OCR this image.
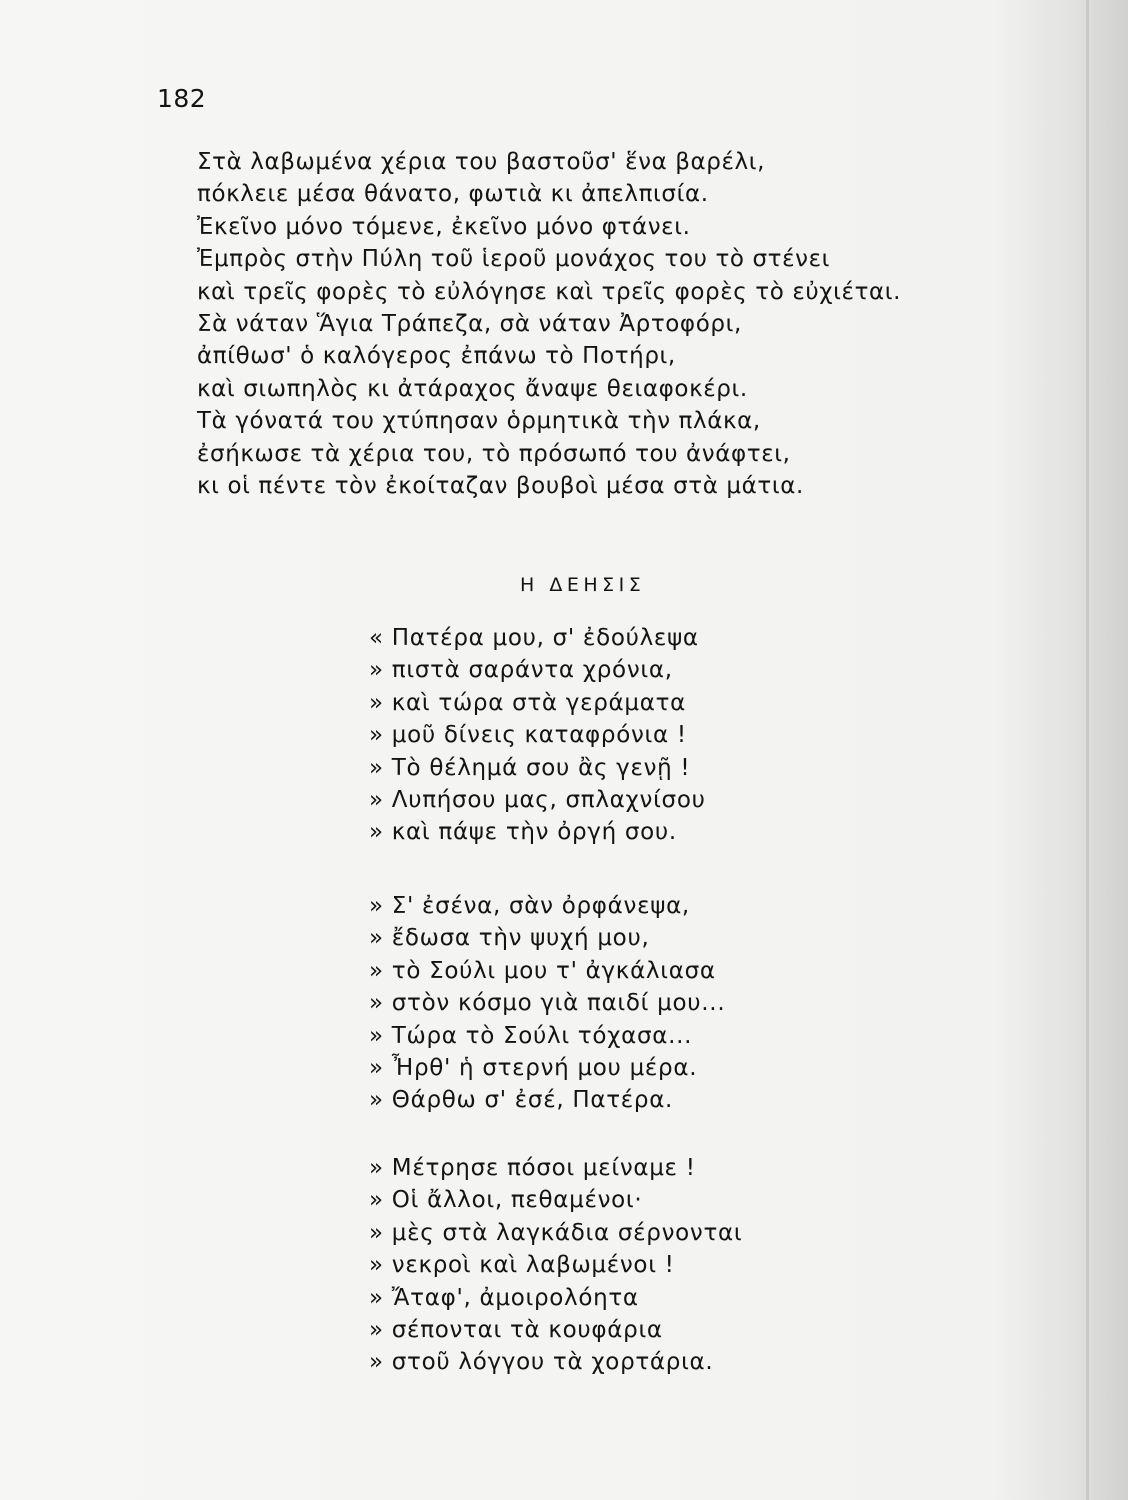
182
Στὰ λαβωμένα χέρια του βαστοῦσ' ἕνα βαρέλι,
πόκλειε μέσα θάνατο, φωτιὰ κι ἀπελπισία.
Ἐκεῖνο μόνο τόμενε, ἐκεῖνο μόνο φτάνει.
Ἐμπρὸς στὴν Πύλη τοῦ ἱεροῦ μονάχος του τὸ στένει
καὶ τρεῖς φορὲς τὸ εὐλόγησε καὶ τρεῖς φορὲς τὸ εὐχιέται.
Σὰ νάταν Ἅγια Τράπεζα, σὰ νάταν Ἀρτοφόρι,
ἀπίθωσ' ὁ καλόγερος ἐπάνω τὸ Ποτήρι,
καὶ σιωπηλὸς κι ἀτάραχος ἄναψε θειαφοκέρι.
Τὰ γόνατά του χτύπησαν ὁρμητικὰ τὴν πλάκα,
ἐσήκωσε τὰ χέρια του, τὸ πρόσωπό του ἀνάφτει,
κι οἱ πέντε τὸν ἐκοίταζαν βουβοὶ μέσα στὰ μάτια.
Η ΔΕΗΣΙΣ
« Πατέρα μου, σ' ἐδούλεψα
» πιστὰ σαράντα χρόνια,
» καὶ τώρα στὰ γεράματα
» μοῦ δίνεις καταφρόνια !
» Τὸ θέλημά σου ἂς γενῇ !
» Λυπήσου μας, σπλαχνίσου
» καὶ πάψε τὴν ὀργή σου.
» Σ' ἐσένα, σὰν ὀρφάνεψα,
» ἔδωσα τὴν ψυχή μου,
» τὸ Σούλι μου τ' ἀγκάλιασα
» στὸν κόσμο γιὰ παιδί μου...
» Τώρα τὸ Σούλι τόχασα...
» Ἦρθ' ἡ στερνή μου μέρα.
» Θάρθω σ' ἐσέ, Πατέρα.
» Μέτρησε πόσοι μείναμε !
» Οἱ ἄλλοι, πεθαμένοι·
» μὲς στὰ λαγκάδια σέρνονται
» νεκροὶ καὶ λαβωμένοι !
» Ἄταφ', ἀμοιρολόητα
» σέπονται τὰ κουφάρια
» στοῦ λόγγου τὰ χορτάρια.
